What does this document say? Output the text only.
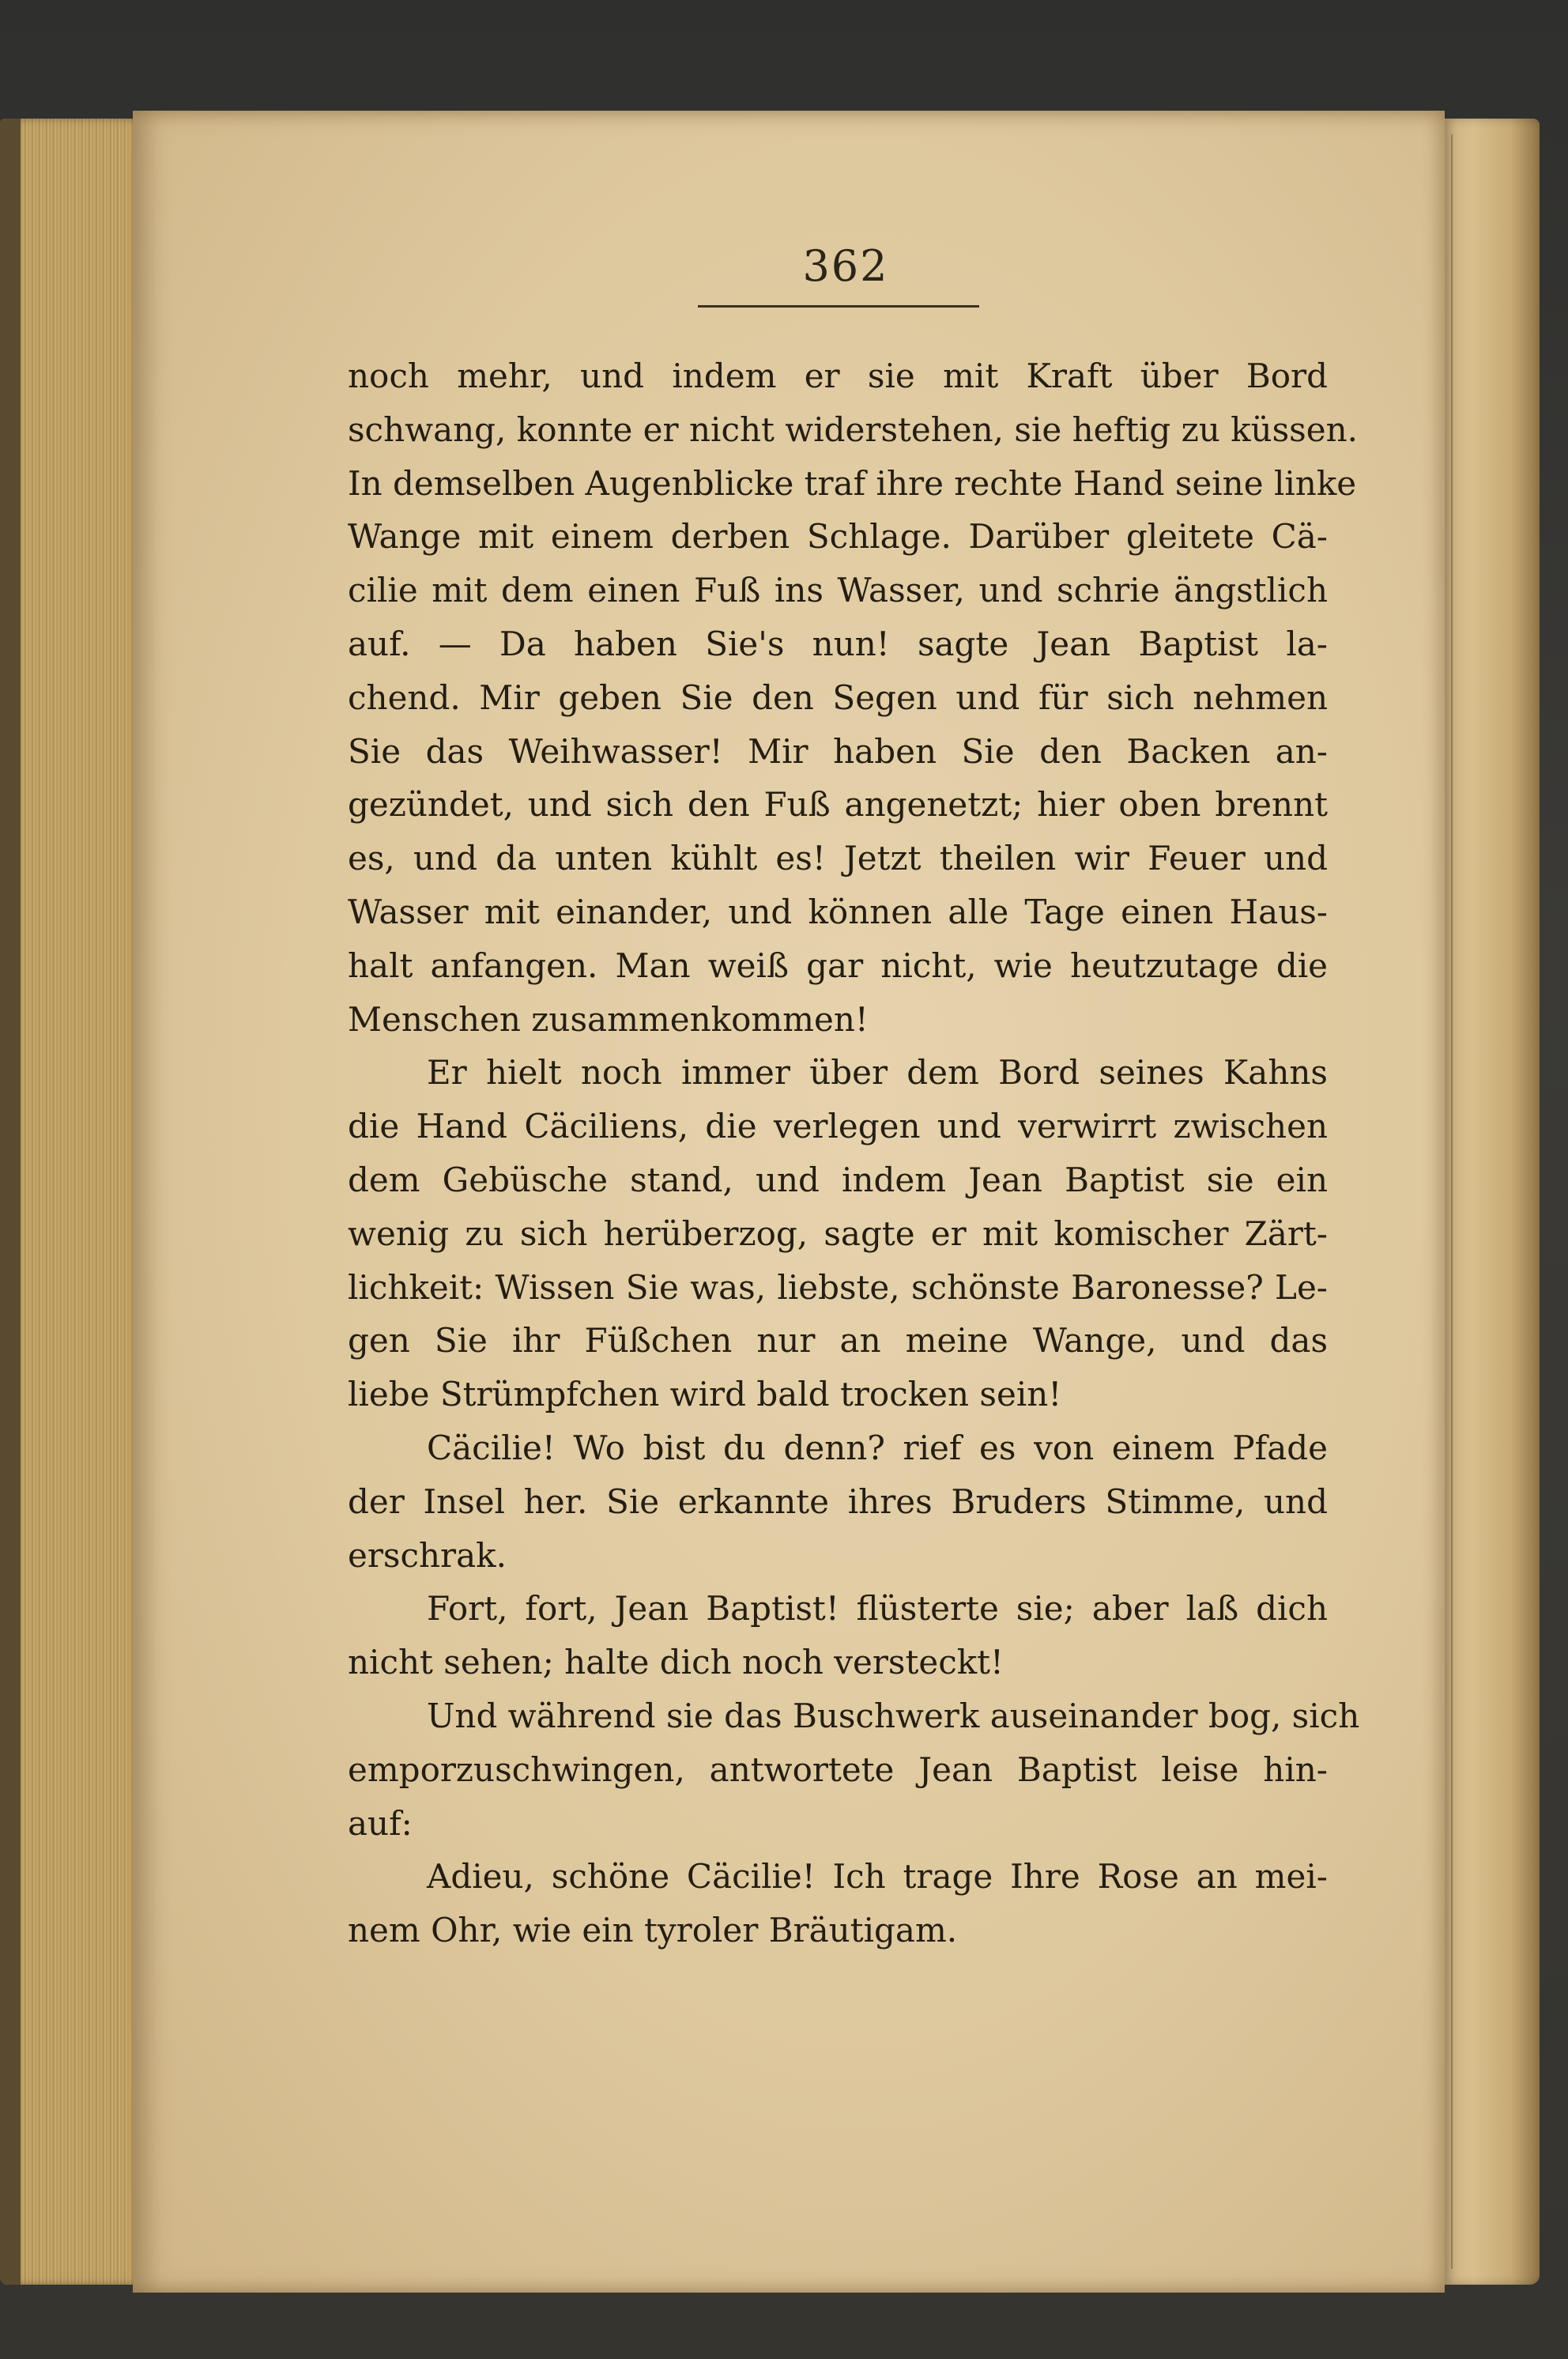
362
noch mehr, und indem er sie mit Kraft über Bord
schwang, konnte er nicht widerstehen, sie heftig zu küssen.
In demselben Augenblicke traf ihre rechte Hand seine linke
Wange mit einem derben Schlage. Darüber gleitete Cä-
cilie mit dem einen Fuß ins Wasser, und schrie ängstlich
auf. — Da haben Sie's nun! sagte Jean Baptist la-
chend. Mir geben Sie den Segen und für sich nehmen
Sie das Weihwasser! Mir haben Sie den Backen an-
gezündet, und sich den Fuß angenetzt; hier oben brennt
es, und da unten kühlt es! Jetzt theilen wir Feuer und
Wasser mit einander, und können alle Tage einen Haus-
halt anfangen. Man weiß gar nicht, wie heutzutage die
Menschen zusammenkommen!
Er hielt noch immer über dem Bord seines Kahns
die Hand Cäciliens, die verlegen und verwirrt zwischen
dem Gebüsche stand, und indem Jean Baptist sie ein
wenig zu sich herüberzog, sagte er mit komischer Zärt-
lichkeit: Wissen Sie was, liebste, schönste Baronesse? Le-
gen Sie ihr Füßchen nur an meine Wange, und das
liebe Strümpfchen wird bald trocken sein!
Cäcilie! Wo bist du denn? rief es von einem Pfade
der Insel her. Sie erkannte ihres Bruders Stimme, und
erschrak.
Fort, fort, Jean Baptist! flüsterte sie; aber laß dich
nicht sehen; halte dich noch versteckt!
Und während sie das Buschwerk auseinander bog, sich
emporzuschwingen, antwortete Jean Baptist leise hin-
auf:
Adieu, schöne Cäcilie! Ich trage Ihre Rose an mei-
nem Ohr, wie ein tyroler Bräutigam.
